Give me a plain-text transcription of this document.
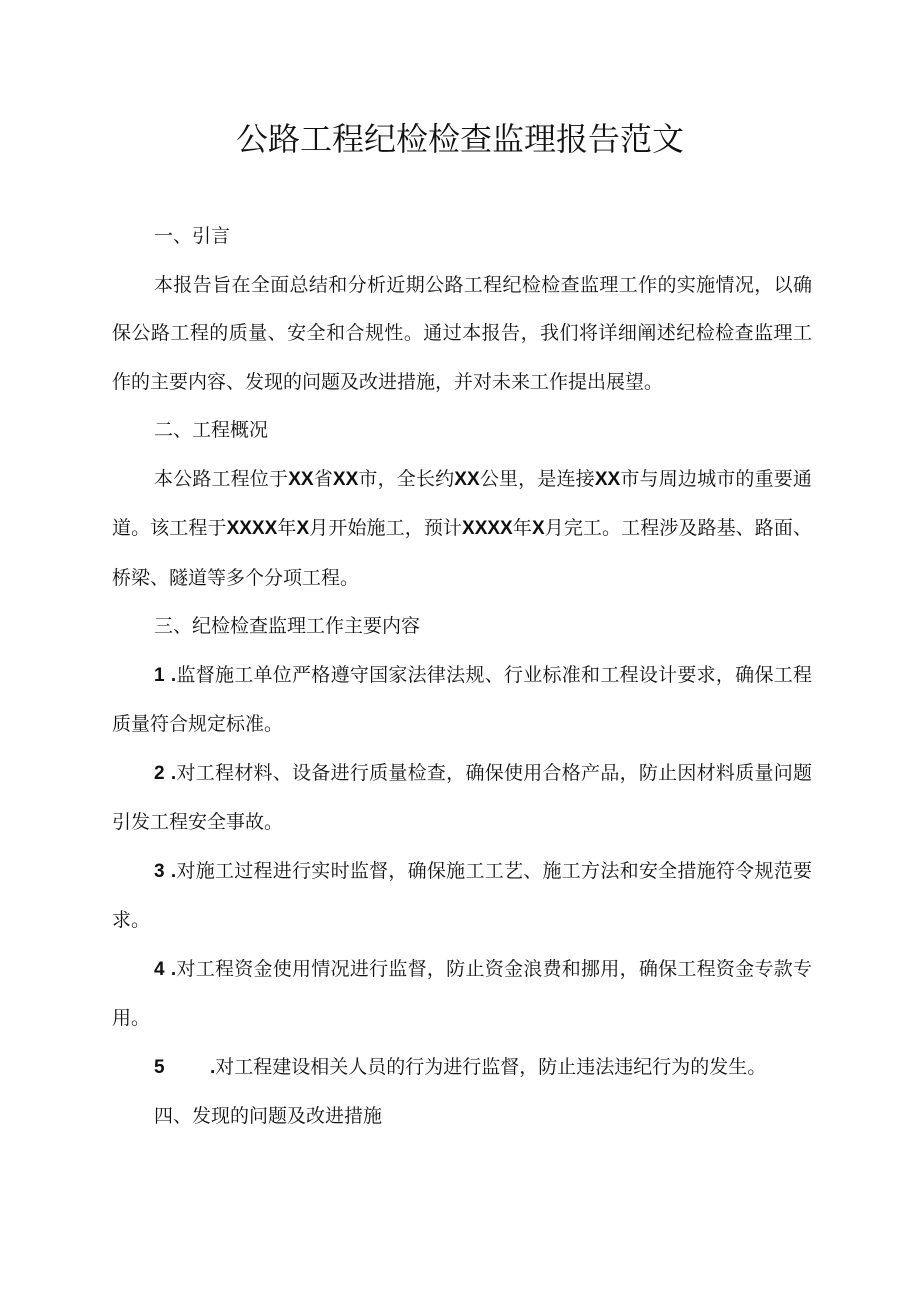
公路工程纪检检查监理报告范文

一、引言

本报告旨在全面总结和分析近期公路工程纪检检查监理工作的实施情况，以确保公路工程的质量、安全和合规性。通过本报告，我们将详细阐述纪检检查监理工作的主要内容、发现的问题及改进措施，并对未来工作提出展望。

二、工程概况

本公路工程位于XX省XX市，全长约XX公里，是连接XX市与周边城市的重要通道。该工程于XXXX年X月开始施工，预计XXXX年X月完工。工程涉及路基、路面、桥梁、隧道等多个分项工程。

三、纪检检查监理工作主要内容

1 .监督施工单位严格遵守国家法律法规、行业标准和工程设计要求，确保工程质量符合规定标准。

2 .对工程材料、设备进行质量检查，确保使用合格产品，防止因材料质量问题引发工程安全事故。

3 .对施工过程进行实时监督，确保施工工艺、施工方法和安全措施符令规范要求。

4 .对工程资金使用情况进行监督，防止资金浪费和挪用，确保工程资金专款专用。

5 .对工程建设相关人员的行为进行监督，防止违法违纪行为的发生。

四、发现的问题及改进措施
